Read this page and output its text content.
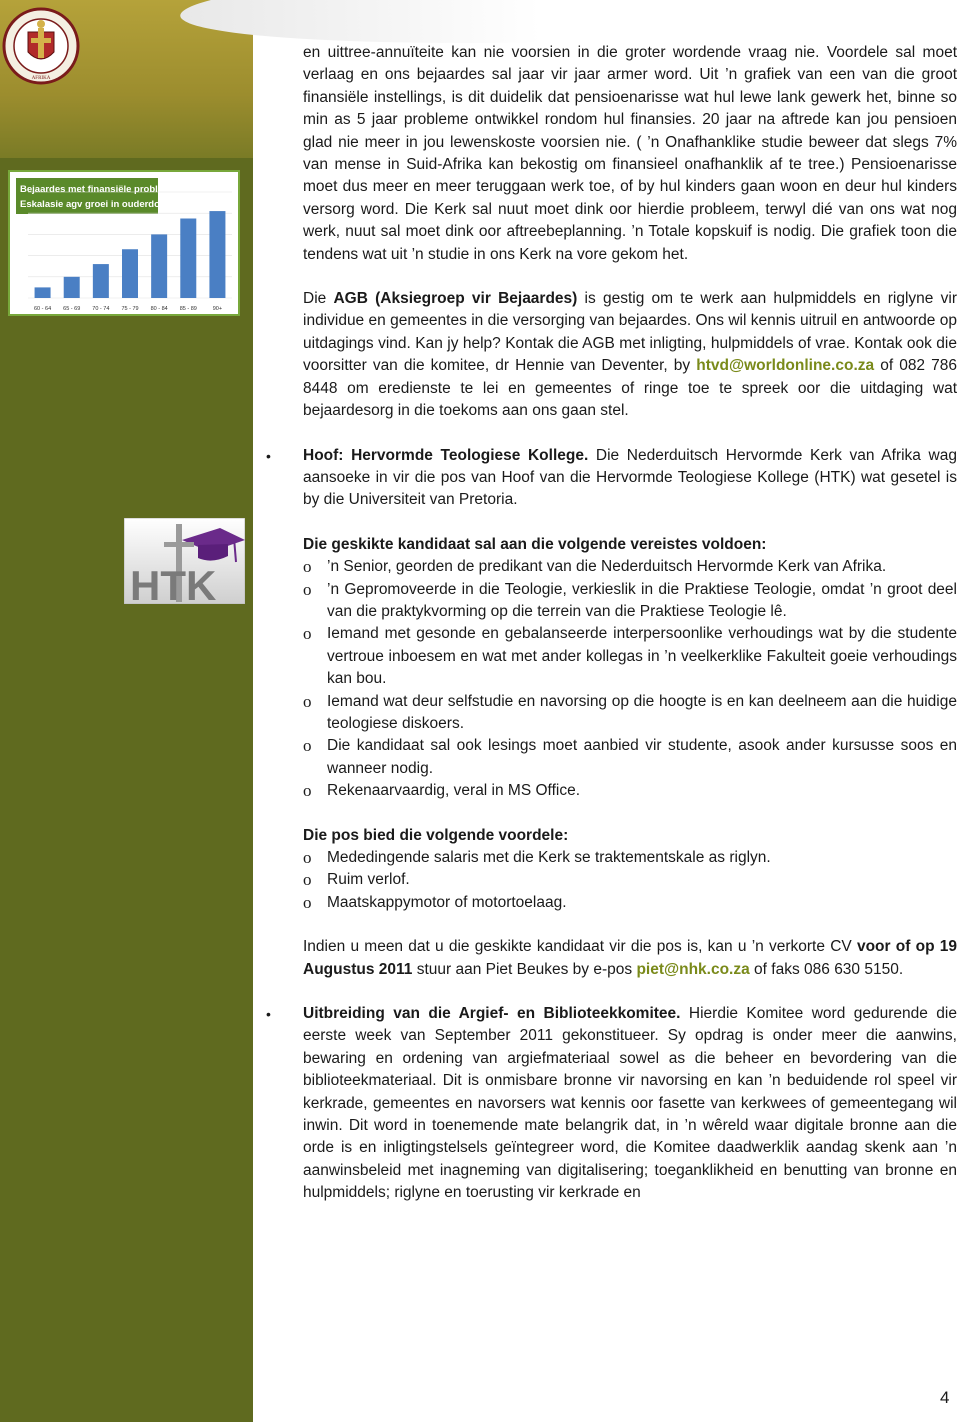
AFRIKA
Bejaardes met finansiële probleme
Eskalasie agv groei in ouderdom
60 - 64 65 - 69 70 - 74 75 - 79 80 - 84 85 - 89	90+
HTK

en uittree-annuïteite kan nie voorsien in die groter wordende vraag nie. Voordele sal moet verlaag en ons bejaardes sal jaar vir jaar armer word. Uit ’n grafiek van een van die groot finansiële instellings, is dit duidelik dat pensioenarisse wat hul lewe lank gewerk het, binne so min as 5 jaar probleme ontwikkel rondom hul finansies. 20 jaar na aftrede kan jou pensioen glad nie meer in jou lewenskoste voorsien nie. ( ’n Onafhanklike studie beweer dat slegs 7% van mense in Suid-Afrika kan bekostig om finansieel onafhanklik af te tree.) Pensioenarisse moet dus meer en meer teruggaan werk toe, of by hul kinders gaan woon en deur hul kinders versorg word. Die Kerk sal nuut moet dink oor hierdie probleem, terwyl dié van ons wat nog werk, nuut sal moet dink oor aftreebeplanning. ’n Totale kopskuif is nodig. Die grafiek toon die tendens wat uit ’n studie in ons Kerk na vore gekom het.

Die AGB (Aksiegroep vir Bejaardes) is gestig om te werk aan hulpmiddels en riglyne vir individue en gemeentes in die versorging van bejaardes. Ons wil kennis uitruil en antwoorde op uitdagings vind. Kan jy help? Kontak die AGB met inligting, hulpmiddels of vrae. Kontak ook die voorsitter van die komitee, dr Hennie van Deventer, by htvd@worldonline.co.za of 082 786 8448 om eredienste te lei en gemeentes of ringe toe te spreek oor die uitdaging wat bejaardesorg in die toekoms aan ons gaan stel.

• Hoof: Hervormde Teologiese Kollege. Die Nederduitsch Hervormde Kerk van Afrika wag aansoeke in vir die pos van Hoof van die Hervormde Teologiese Kollege (HTK) wat gesetel is by die Universiteit van Pretoria.

Die geskikte kandidaat sal aan die volgende vereistes voldoen:

o ’n Senior, georden de predikant van die Nederduitsch Hervormde Kerk van Afrika.
o ’n Gepromoveerde in die Teologie, verkieslik in die Praktiese Teologie, omdat ’n groot deel van die praktykvorming op die terrein van die Praktiese Teologie lê.
o Iemand met gesonde en gebalanseerde interpersoonlike verhoudings wat by die studente vertroue inboesem en wat met ander kollegas in ’n veelkerklike Fakulteit goeie verhoudings kan bou.
o Iemand wat deur selfstudie en navorsing op die hoogte is en kan deelneem aan die huidige teologiese diskoers.
o Die kandidaat sal ook lesings moet aanbied vir studente, asook ander kursusse soos en wanneer nodig.
o Rekenaarvaardig, veral in MS Office.

Die pos bied die volgende voordele:

o Mededingende salaris met die Kerk se traktementskale as riglyn.
o Ruim verlof.
o Maatskappymotor of motortoelaag.

Indien u meen dat u die geskikte kandidaat vir die pos is, kan u ’n verkorte CV voor of op 19 Augustus 2011 stuur aan Piet Beukes by e-pos piet@nhk.co.za of faks 086 630 5150.

• Uitbreiding van die Argief- en Biblioteekkomitee. Hierdie Komitee word gedurende die eerste week van September 2011 gekonstitueer. Sy opdrag is onder meer die aanwins, bewaring en ordening van argiefmateriaal sowel as die beheer en bevordering van die biblioteekmateriaal. Dit is onmisbare bronne vir navorsing en kan ’n beduidende rol speel vir kerkrade, gemeentes en navorsers wat kennis oor fasette van kerkwees of gemeentegang wil inwin. Dit word in toenemende mate belangrik dat, in ’n wêreld waar digitale bronne aan die orde is en inligtingstelsels geïntegreer word, die Komitee daadwerklik aandag skenk aan ’n aanwinsbeleid met inagneming van digitalisering; toeganklikheid en benutting van bronne en hulpmiddels; riglyne en toerusting vir kerkrade en

4
